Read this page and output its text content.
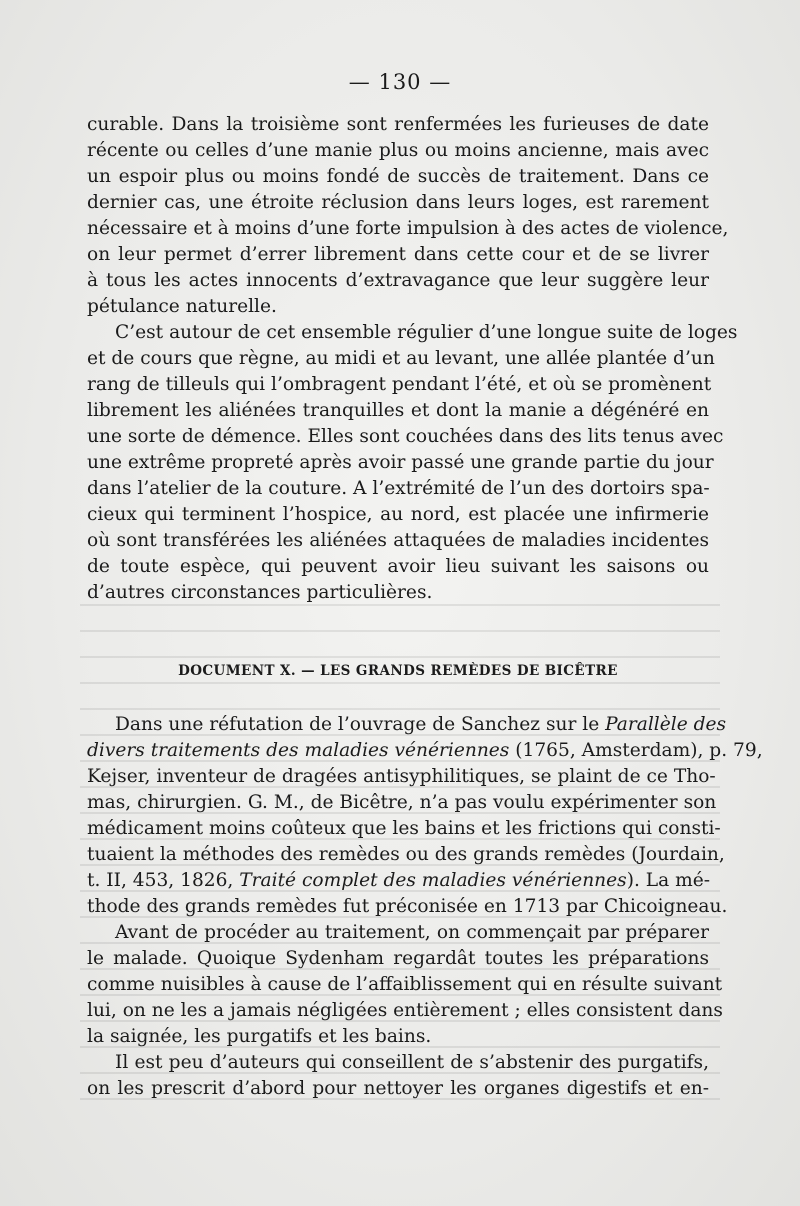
— 130 —
curable. Dans la troisième sont renfermées les furieuses de date
récente ou celles d’une manie plus ou moins ancienne, mais avec
un espoir plus ou moins fondé de succès de traitement. Dans ce
dernier cas, une étroite réclusion dans leurs loges, est rarement
nécessaire et à moins d’une forte impulsion à des actes de violence,
on leur permet d’errer librement dans cette cour et de se livrer
à tous les actes innocents d’extravagance que leur suggère leur
pétulance naturelle.
C’est autour de cet ensemble régulier d’une longue suite de loges
et de cours que règne, au midi et au levant, une allée plantée d’un
rang de tilleuls qui l’ombragent pendant l’été, et où se promènent
librement les aliénées tranquilles et dont la manie a dégénéré en
une sorte de démence. Elles sont couchées dans des lits tenus avec
une extrême propreté après avoir passé une grande partie du jour
dans l’atelier de la couture. A l’extrémité de l’un des dortoirs spa-
cieux qui terminent l’hospice, au nord, est placée une infirmerie
où sont transférées les aliénées attaquées de maladies incidentes
de toute espèce, qui peuvent avoir lieu suivant les saisons ou
d’autres circonstances particulières.
DOCUMENT X. — LES GRANDS REMÈDES DE BICÊTRE
Dans une réfutation de l’ouvrage de Sanchez sur le Parallèle des
divers traitements des maladies vénériennes (1765, Amsterdam), p. 79,
Kejser, inventeur de dragées antisyphilitiques, se plaint de ce Tho-
mas, chirurgien. G. M., de Bicêtre, n’a pas voulu expérimenter son
médicament moins coûteux que les bains et les frictions qui consti-
tuaient la méthodes des remèdes ou des grands remèdes (Jourdain,
t. II, 453, 1826, Traité complet des maladies vénériennes). La mé-
thode des grands remèdes fut préconisée en 1713 par Chicoigneau.
Avant de procéder au traitement, on commençait par préparer
le malade. Quoique Sydenham regardât toutes les préparations
comme nuisibles à cause de l’affaiblissement qui en résulte suivant
lui, on ne les a jamais négligées entièrement ; elles consistent dans
la saignée, les purgatifs et les bains.
Il est peu d’auteurs qui conseillent de s’abstenir des purgatifs,
on les prescrit d’abord pour nettoyer les organes digestifs et en-
